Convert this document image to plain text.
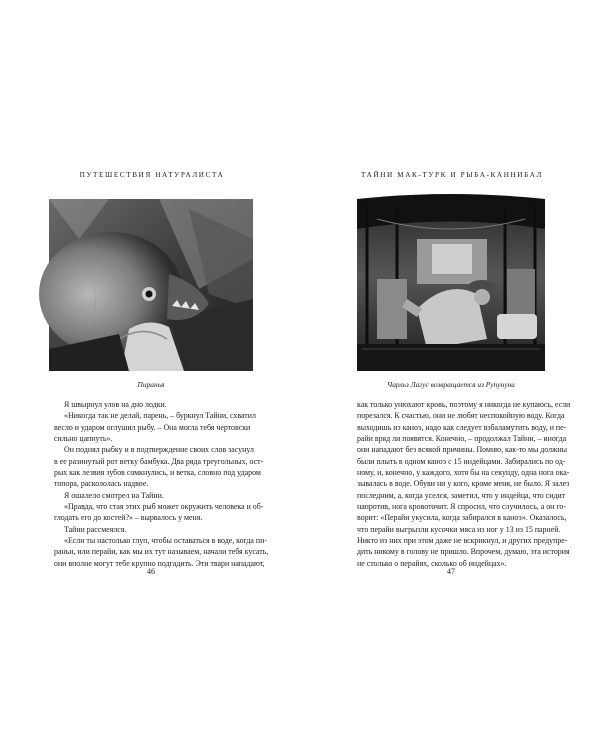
ПУТЕШЕСТВИЯ НАТУРАЛИСТА
Пиранья
Я швырнул улов на дно лодки.
«Никогда так не делай, парень, – буркнул Тайни, схватил
весло и ударом оглушил рыбу. – Она могла тебя чертовски
сильно цапнуть».
Он поднял рыбку и в подтверждение своих слов засунул
в ее разинутый рот ветку бамбука. Два ряда треугольных, ост-
рых как лезвия зубов сомкнулись, и ветка, словно под ударом
топора, раскололась надвое.
Я ошалело смотрел на Тайни.
«Правда, что стая этих рыб может окружить человека и об-
глодать его до костей?» – вырвалось у меня.
Тайни рассмеялся.
«Если ты настолько глуп, чтобы оставаться в воде, когда пи-
раньи, или перайи, как мы их тут называем, начали тебя кусать,
они вполне могут тебе крупно подгадить. Эти твари нападают,
46
ТАЙНИ МАК-ТУРК И РЫБА-КАННИБАЛ
Чарльз Лагус возвращается из Рупунуни
как только унюхают кровь, поэтому я никогда не купаюсь, если
порезался. К счастью, они не любят неспокойную воду. Когда
выходишь из каноэ, надо как следует взбаламутить воду, и пе-
райи вряд ли появятся. Конечно, – продолжал Тайни, – иногда
они нападают без всякой причины. Помню, как-то мы должны
были плыть в одном каноэ с 15 индейцами. Забирались по од-
ному, и, конечно, у каждого, хотя бы на секунду, одна нога ока-
зывалась в воде. Обуви ни у кого, кроме меня, не было. Я залез
последним, а, когда уселся, заметил, что у индейца, что сидит
напротив, нога кровоточит. Я спросил, что случилось, а он го-
ворит: «Перайи укусила, когда забирался в каноэ». Оказалось,
что перайи выгрызли кусочки мяса из ног у 13 из 15 парней.
Никто из них при этом даже не вскрикнул, и других предупре-
дить никому в голову не пришло. Впрочем, думаю, эта история
не столько о перайях, сколько об индейцах».
47
